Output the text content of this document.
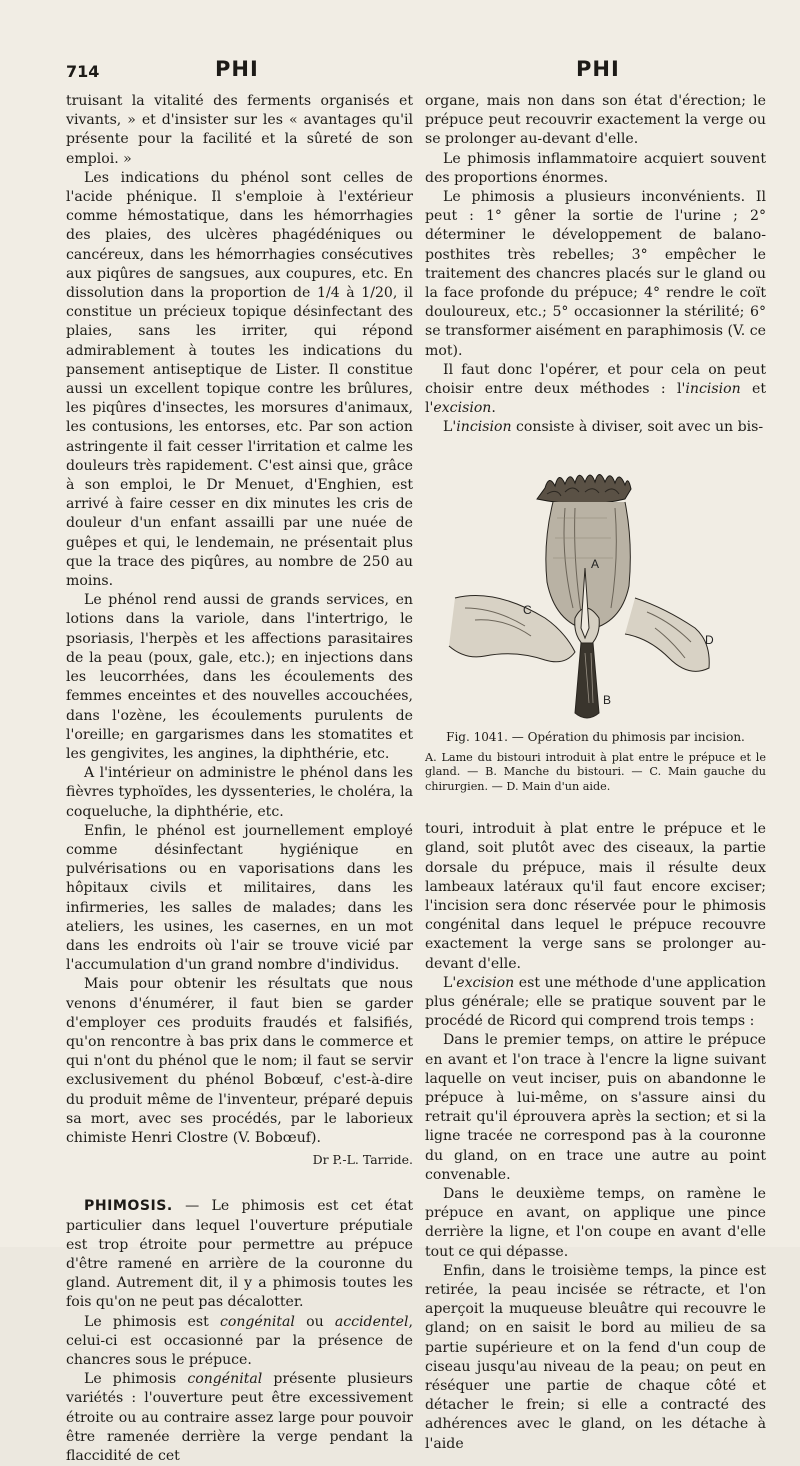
714	PHI	PHI

truisant la vitalité des ferments organisés et vivants, » et d'insister sur les « avantages qu'il présente pour la facilité et la sûreté de son emploi. »

Les indications du phénol sont celles de l'acide phénique. Il s'emploie à l'extérieur comme hémostatique, dans les hémorrhagies des plaies, des ulcères phagédéniques ou cancéreux, dans les hémorrhagies consécutives aux piqûres de sangsues, aux coupures, etc. En dissolution dans la proportion de 1/4 à 1/20, il constitue un précieux topique désinfectant des plaies, sans les irriter, qui répond admirablement à toutes les indications du pansement antiseptique de Lister. Il constitue aussi un excellent topique contre les brûlures, les piqûres d'insectes, les morsures d'animaux, les contusions, les entorses, etc. Par son action astringente il fait cesser l'irritation et calme les douleurs très rapidement. C'est ainsi que, grâce à son emploi, le Dr Menuet, d'Enghien, est arrivé à faire cesser en dix minutes les cris de douleur d'un enfant assailli par une nuée de guêpes et qui, le lendemain, ne présentait plus que la trace des piqûres, au nombre de 250 au moins.

Le phénol rend aussi de grands services, en lotions dans la variole, dans l'intertrigo, le psoriasis, l'herpès et les affections parasitaires de la peau (poux, gale, etc.); en injections dans les leucorrhées, dans les écoulements des femmes enceintes et des nouvelles accouchées, dans l'ozène, les écoulements purulents de l'oreille; en gargarismes dans les stomatites et les gengivites, les angines, la diphthérie, etc.

A l'intérieur on administre le phénol dans les fièvres typhoïdes, les dyssenteries, le choléra, la coqueluche, la diphthérie, etc.

Enfin, le phénol est journellement employé comme désinfectant hygiénique en pulvérisations ou en vaporisations dans les hôpitaux civils et militaires, dans les infirmeries, les salles de malades; dans les ateliers, les usines, les casernes, en un mot dans les endroits où l'air se trouve vicié par l'accumulation d'un grand nombre d'individus.

Mais pour obtenir les résultats que nous venons d'énumérer, il faut bien se garder d'employer ces produits fraudés et falsifiés, qu'on rencontre à bas prix dans le commerce et qui n'ont du phénol que le nom; il faut se servir exclusivement du phénol Bobœuf, c'est-à-dire du produit même de l'inventeur, préparé depuis sa mort, avec ses procédés, par le laborieux chimiste Henri Clostre (V. Bobœuf).

Dr P.-L. Tarride.

PHIMOSIS. — Le phimosis est cet état particulier dans lequel l'ouverture préputiale est trop étroite pour permettre au prépuce d'être ramené en arrière de la couronne du gland. Autrement dit, il y a phimosis toutes les fois qu'on ne peut pas décalotter.

Le phimosis est congénital ou accidentel, celui-ci est occasionné par la présence de chancres sous le prépuce.

Le phimosis congénital présente plusieurs variétés : l'ouverture peut être excessivement étroite ou au contraire assez large pour pouvoir être ramenée derrière la verge pendant la flaccidité de cet

organe, mais non dans son état d'érection; le prépuce peut recouvrir exactement la verge ou se prolonger au-devant d'elle.

Le phimosis inflammatoire acquiert souvent des proportions énormes.

Le phimosis a plusieurs inconvénients. Il peut : 1° gêner la sortie de l'urine ; 2° déterminer le développement de balano-posthites très rebelles; 3° empêcher le traitement des chancres placés sur le gland ou la face profonde du prépuce; 4° rendre le coït douloureux, etc.; 5° occasionner la stérilité; 6° se transformer aisément en paraphimosis (V. ce mot).

Il faut donc l'opérer, et pour cela on peut choisir entre deux méthodes : l'incision et l'excision.

L'incision consiste à diviser, soit avec un bis-

A
B
C
D
Fig. 1041. — Opération du phimosis par incision.
A. Lame du bistouri introduit à plat entre le prépuce et le gland. — B. Manche du bistouri. — C. Main gauche du chirurgien. — D. Main d'un aide.

touri, introduit à plat entre le prépuce et le gland, soit plutôt avec des ciseaux, la partie dorsale du prépuce, mais il résulte deux lambeaux latéraux qu'il faut encore exciser; l'incision sera donc réservée pour le phimosis congénital dans lequel le prépuce recouvre exactement la verge sans se prolonger au-devant d'elle.

L'excision est une méthode d'une application plus générale; elle se pratique souvent par le procédé de Ricord qui comprend trois temps :

Dans le premier temps, on attire le prépuce en avant et l'on trace à l'encre la ligne suivant laquelle on veut inciser, puis on abandonne le prépuce à lui-même, on s'assure ainsi du retrait qu'il éprouvera après la section; et si la ligne tracée ne correspond pas à la couronne du gland, on en trace une autre au point convenable.

Dans le deuxième temps, on ramène le prépuce en avant, on applique une pince derrière la ligne, et l'on coupe en avant d'elle tout ce qui dépasse.

Enfin, dans le troisième temps, la pince est retirée, la peau incisée se rétracte, et l'on aperçoit la muqueuse bleuâtre qui recouvre le gland; on en saisit le bord au milieu de sa partie supérieure et on la fend d'un coup de ciseau jusqu'au niveau de la peau; on peut en réséquer une partie de chaque côté et détacher le frein; si elle a contracté des adhérences avec le gland, on les détache à l'aide
